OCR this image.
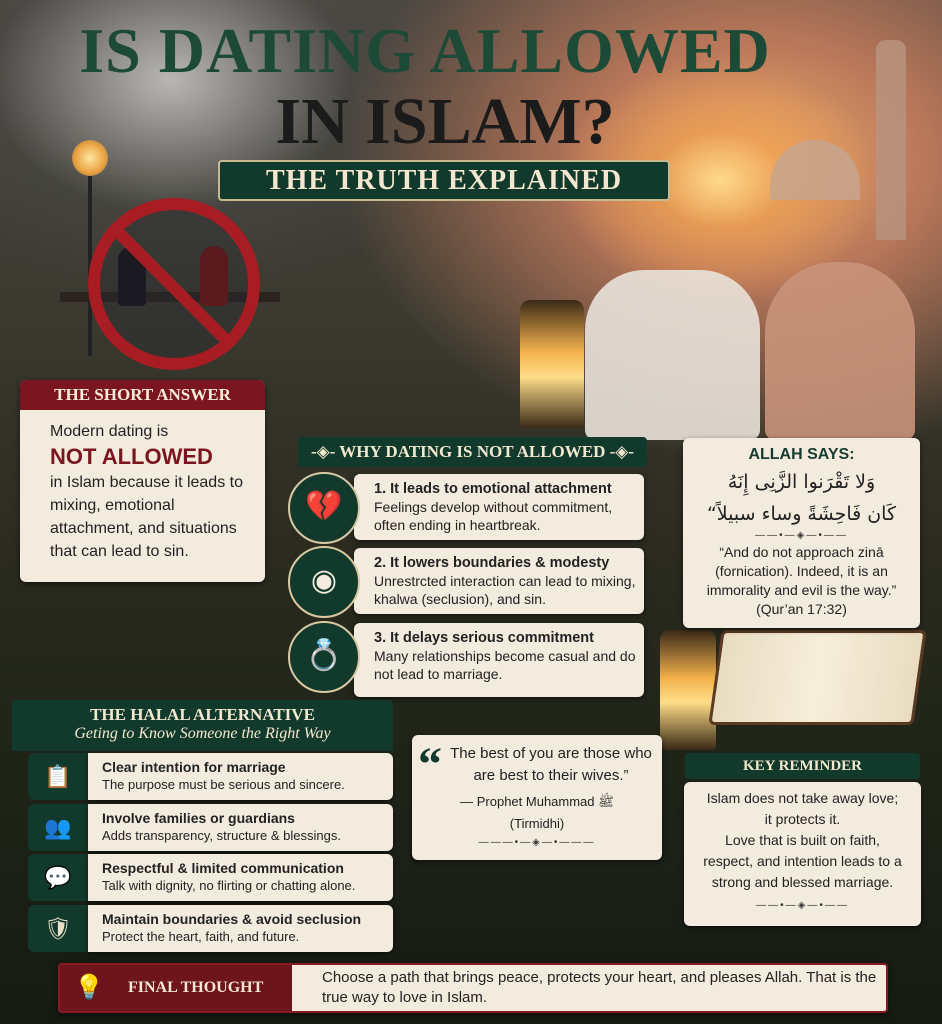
IS DATING ALLOWED
IN ISLAM?
THE TRUTH EXPLAINED
THE SHORT ANSWER
Modern dating is
NOT ALLOWED
in Islam because it leads to mixing, emotional attachment, and situations that can lead to sin.
-◈- WHY DATING IS NOT ALLOWED -◈-
💔
1. It leads to emotional attachment
Feelings develop without commitment, often ending in heartbreak.
◉
2. It lowers boundaries & modesty
Unrestrcted interaction can lead to mixing, khalwa (seclusion), and sin.
💍
3. It delays serious commitment
Many relationships become casual and do not lead to marriage.
ALLAH SAYS:
وَلا تَقْرَنوا الزَّنِى إِنَهُ
كَان فَاحِشَةً وساء سبيلاً“
——•—◈—•——
“And do not approach zinā (fornication). Indeed, it is an immorality and evil is the way.”
(Qur’an 17:32)
THE HALAL ALTERNATIVE
Geting to Know Someone the Right Way
📋	Clear intention for marriage
The purpose must be serious and sincere.
👥	Involve families or guardians
Adds transparency, structure & blessings.
💬	Respectful & limited communication
Talk with dignity, no flirting or chatting alone.
🛡	Maintain boundaries & avoid seclusion
Protect the heart, faith, and future.
“ The best of you are those who are best to their wives.”
— Prophet Muhammad ﷺ
(Tirmidhi)
———•—◈—•———
KEY REMINDER
Islam does not take away love;
it protects it.
Love that is built on faith, respect, and intention leads to a strong and blessed marriage.
——•—◈—•——
💡 FINAL THOUGHT
Choose a path that brings peace, protects your heart, and pleases Allah. That is the true way to love in Islam.
